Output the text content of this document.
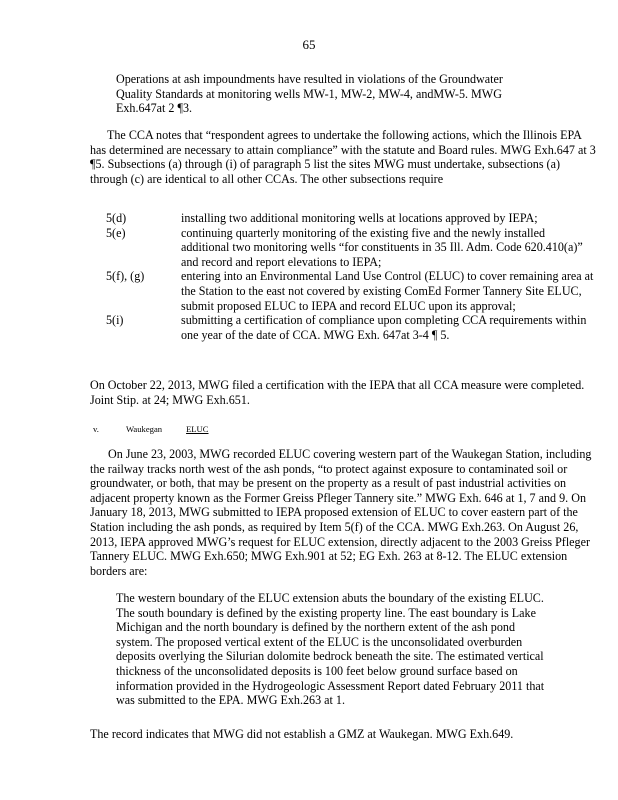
65

Operations at ash impoundments have resulted in violations of the Groundwater Quality Standards at monitoring wells MW-1, MW-2, MW-4, andMW-5. MWG Exh.647at 2 ¶3.

The CCA notes that “respondent agrees to undertake the following actions, which the Illinois EPA has determined are necessary to attain compliance” with the statute and Board rules. MWG Exh.647 at 3 ¶5. Subsections (a) through (i) of paragraph 5 list the sites MWG must undertake, subsections (a) through (c) are identical to all other CCAs. The other subsections require

5(d)	installing two additional monitoring wells at locations approved by IEPA;
5(e)	continuing quarterly monitoring of the existing five and the newly installed additional two monitoring wells “for constituents in 35 Ill. Adm. Code 620.410(a)” and record and report elevations to IEPA;
5(f), (g)	entering into an Environmental Land Use Control (ELUC) to cover remaining area at the Station to the east not covered by existing ComEd Former Tannery Site ELUC, submit proposed ELUC to IEPA and record ELUC upon its approval;
5(i)	submitting a certification of compliance upon completing CCA requirements within one year of the date of CCA. MWG Exh. 647at 3-4 ¶ 5.

On October 22, 2013, MWG filed a certification with the IEPA that all CCA measure were completed. Joint Stip. at 24; MWG Exh.651.

v.	Waukegan	ELUC

On June 23, 2003, MWG recorded ELUC covering western part of the Waukegan Station, including the railway tracks north west of the ash ponds, “to protect against exposure to contaminated soil or groundwater, or both, that may be present on the property as a result of past industrial activities on adjacent property known as the Former Greiss Pfleger Tannery site.” MWG Exh. 646 at 1, 7 and 9. On January 18, 2013, MWG submitted to IEPA proposed extension of ELUC to cover eastern part of the Station including the ash ponds, as required by Item 5(f) of the CCA. MWG Exh.263. On August 26, 2013, IEPA approved MWG’s request for ELUC extension, directly adjacent to the 2003 Greiss Pfleger Tannery ELUC. MWG Exh.650; MWG Exh.901 at 52; EG Exh. 263 at 8-12. The ELUC extension borders are:

The western boundary of the ELUC extension abuts the boundary of the existing ELUC. The south boundary is defined by the existing property line. The east boundary is Lake Michigan and the north boundary is defined by the northern extent of the ash pond system. The proposed vertical extent of the ELUC is the unconsolidated overburden deposits overlying the Silurian dolomite bedrock beneath the site. The estimated vertical thickness of the unconsolidated deposits is 100 feet below ground surface based on information provided in the Hydrogeologic Assessment Report dated February 2011 that was submitted to the EPA. MWG Exh.263 at 1.

The record indicates that MWG did not establish a GMZ at Waukegan. MWG Exh.649.
